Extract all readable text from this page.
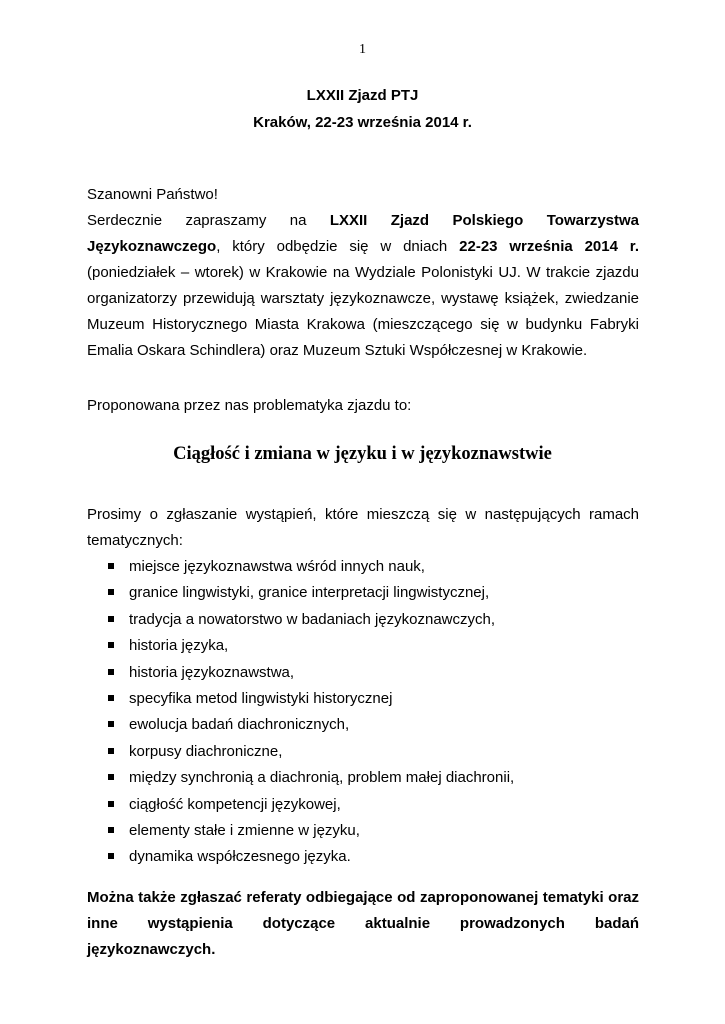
1
LXXII Zjazd PTJ
Kraków, 22-23 września 2014 r.
Szanowni Państwo!
Serdecznie zapraszamy na LXXII Zjazd Polskiego Towarzystwa Językoznawczego, który odbędzie się w dniach 22-23 września 2014 r. (poniedziałek – wtorek) w Krakowie na Wydziale Polonistyki UJ. W trakcie zjazdu organizatorzy przewidują warsztaty językoznawcze, wystawę książek, zwiedzanie Muzeum Historycznego Miasta Krakowa (mieszczącego się w budynku Fabryki Emalia Oskara Schindlera) oraz Muzeum Sztuki Współczesnej w Krakowie.
Proponowana przez nas problematyka zjazdu to:
Ciągłość i zmiana w języku i w językoznawstwie
Prosimy o zgłaszanie wystąpień, które mieszczą się w następujących ramach tematycznych:
miejsce językoznawstwa wśród innych nauk,
granice lingwistyki, granice interpretacji lingwistycznej,
tradycja a nowatorstwo w badaniach językoznawczych,
historia języka,
historia językoznawstwa,
specyfika metod lingwistyki historycznej
ewolucja badań diachronicznych,
korpusy diachroniczne,
między synchronią a diachronią, problem małej diachronii,
ciągłość kompetencji językowej,
elementy stałe i zmienne w języku,
dynamika współczesnego języka.
Można także zgłaszać referaty odbiegające od zaproponowanej tematyki oraz inne wystąpienia dotyczące aktualnie prowadzonych badań językoznawczych.
